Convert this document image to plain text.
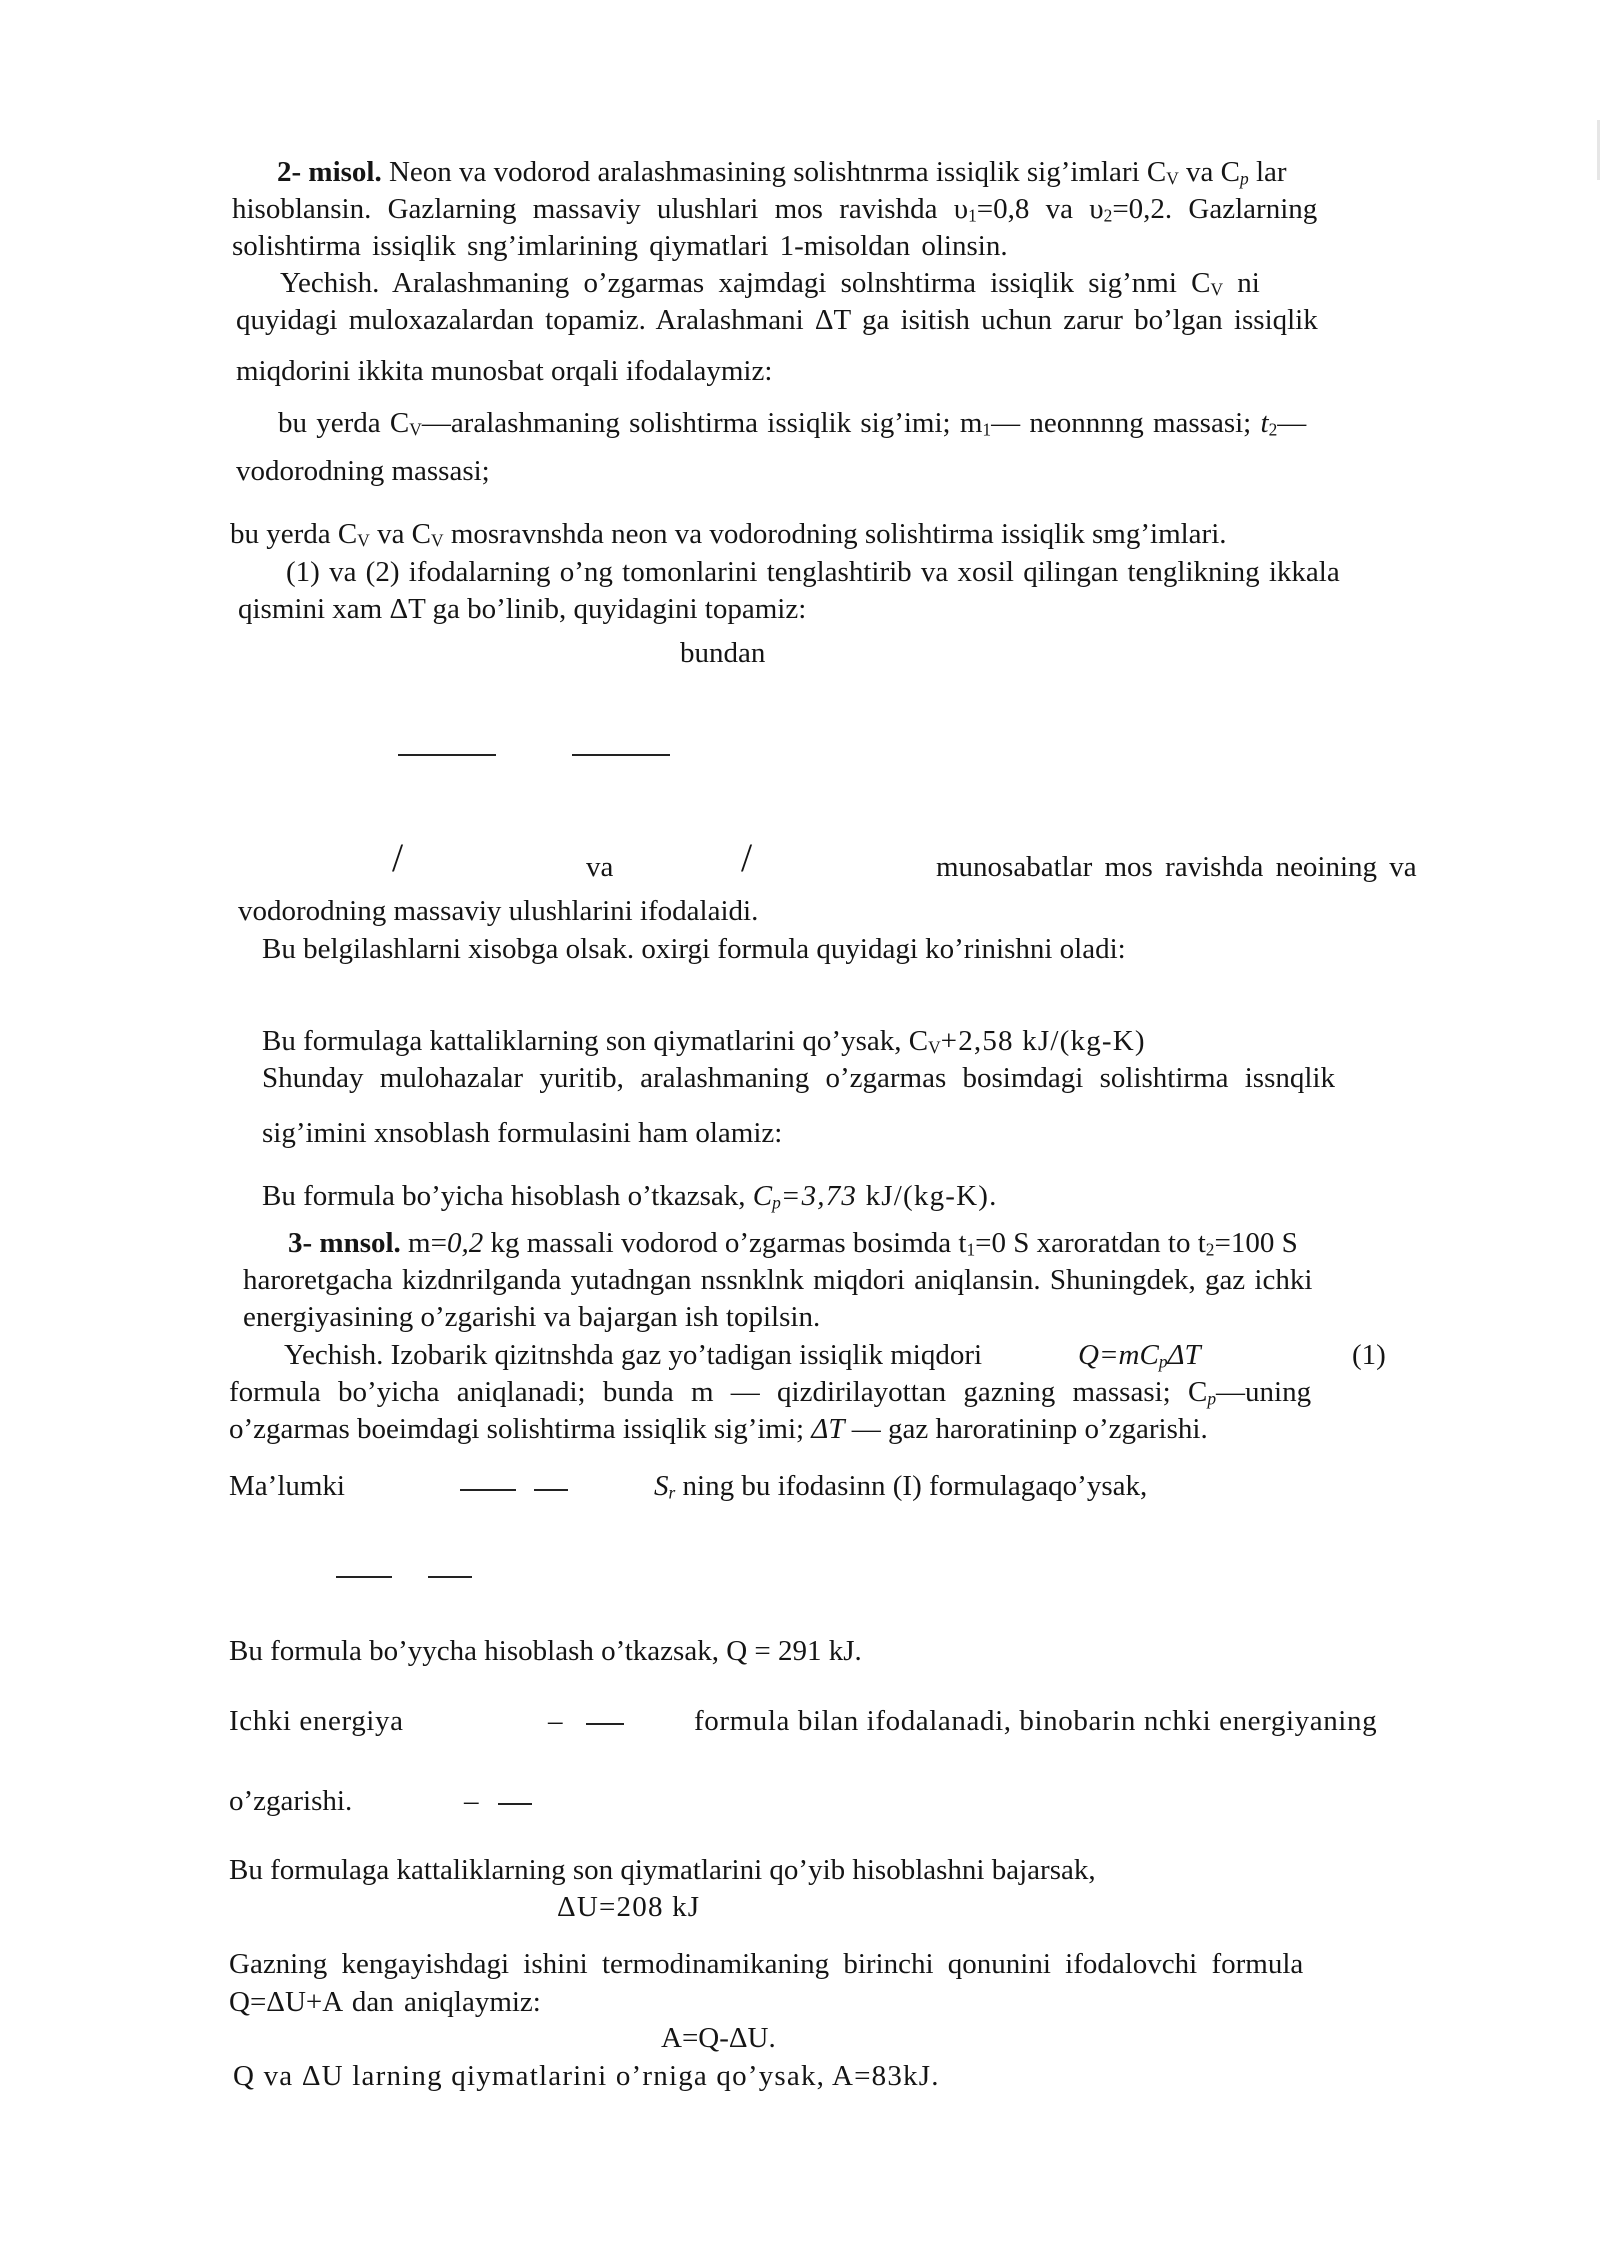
2- misol. Neon va vodorod aralashmasining solishtnrma issiqlik sig’imlari $C_V$ va $C_p$ lar
hisoblansin. Gazlarning massaviy ulushlari mos ravishda $\upsilon_1=0,8$ va $\upsilon_2=0,2$. Gazlarning
solishtirma issiqlik sng’imlarining qiymatlari 1-misoldan olinsin.
Yechish. Aralashmaning o’zgarmas xajmdagi solnshtirma issiqlik sig’nmi $C_V$ ni
quyidagi muloxazalardan topamiz. Aralashmani ΔT ga isitish uchun zarur bo’lgan issiqlik
miqdorini ikkita munosbat orqali ifodalaymiz:
bu yerda $C_V—aralashmaning$ solishtirma issiqlik sig’imi; $m_1—$ neonnnng massasi; $t_2—$
vodorodning massasi;
bu yerda $C_V$ va $C_V$ mosravnshda neon va vodorodning solishtirma issiqlik smg’imlari.
(1) va (2) ifodalarning o’ng tomonlarini tenglashtirib va xosil qilingan tenglikning ikkala
qismini xam ΔT ga bo’linib, quyidagini topamiz:
bundan
/	va	/	munosabatlar mos ravishda neoining va
vodorodning massaviy ulushlarini ifodalaidi.
Bu belgilashlarni xisobga olsak. oxirgi formula quyidagi ko’rinishni oladi:
Bu formulaga kattaliklarning son qiymatlarini qo’ysak, $C_V+2,58$ kJ/(kg-K)
Shunday mulohazalar yuritib, aralashmaning o’zgarmas bosimdagi solishtirma issnqlik
sig’imini xnsoblash formulasini ham olamiz:
Bu formula bo’yicha hisoblash o’tkazsak, $C_p=3,73$ kJ/(kg-K).
3- mnsol. m=0,2 kg massali vodorod o’zgarmas bosimda $t_1=0$ S xaroratdan to $t_2=100$ S
haroretgacha kizdnrilganda yutadngan nssnklnk miqdori aniqlansin. Shuningdek, gaz ichki
energiyasining o’zgarishi va bajargan ish topilsin.
Yechish. Izobarik qizitnshda gaz yo’tadigan issiqlik miqdori	$Q=mC_p\Delta T$	(1)
formula bo’yicha aniqlanadi; bunda m — qizdirilayottan gazning massasi; $C_p—uning$
o’zgarmas boeimdagi solishtirma issiqlik sig’imi; ΔT — gaz haroratininp o’zgarishi.
Ma’lumki	$S_r$ ning bu ifodasinn (I) formulagaqo’ysak,
Bu formula bo’yycha hisoblash o’tkazsak, Q = 291 kJ.
Ichki energiya	–	formula bilan ifodalanadi, binobarin nchki energiyaning
o’zgarishi.	–
Bu formulaga kattaliklarning son qiymatlarini qo’yib hisoblashni bajarsak,
ΔU=208 kJ
Gazning kengayishdagi ishini termodinamikaning birinchi qonunini ifodalovchi formula
Q=ΔU+A dan aniqlaymiz:
A=Q-ΔU.
Q va ΔU larning qiymatlarini o’rniga qo’ysak, A=83kJ.
